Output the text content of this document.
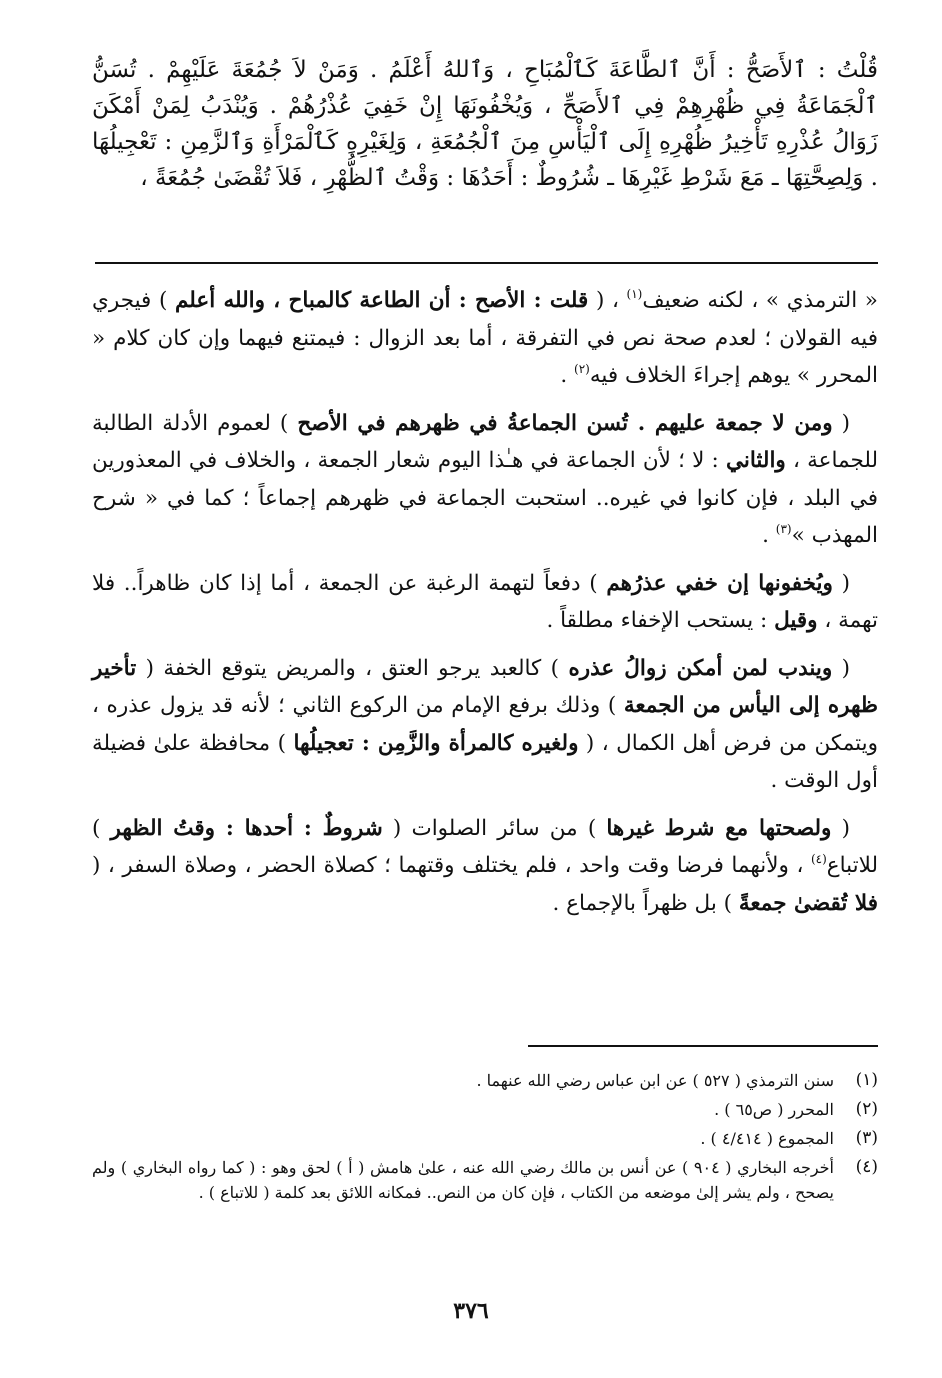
قُلْتُ : ٱلأَصَحُّ : أَنَّ ٱلطَّاعَةَ كَٱلْمُبَاحِ ، وَٱللهُ أَعْلَمُ . وَمَنْ لاَ جُمُعَةَ عَلَيْهِمْ . تُسَنُّ ٱلْجَمَاعَةُ فِي ظُهْرِهِمْ فِي ٱلأَصَحِّ ، وَيُخْفُونَهَا إِنْ خَفِيَ عُذْرُهُمْ . وَيُنْدَبُ لِمَنْ أَمْكَنَ زَوَالُ عُذْرِهِ تَأْخِيرُ ظُهْرِهِ إِلَى ٱلْيَأْسِ مِنَ ٱلْجُمُعَةِ ، وَلِغَيْرِهِ كَٱلْمَرْأَةِ وَٱلزَّمِنِ : تَعْجِيلُهَا . وَلِصِحَّتِهَا ـ مَعَ شَرْطِ غَيْرِهَا ـ شُرُوطٌ : أَحَدُهَا : وَقْتُ ٱلظُّهْرِ ، فَلاَ تُقْضَىٰ جُمُعَةً ،

« الترمذي » ، لكنه ضعيف$^{(١)}$ ، ( قلت : الأصح : أن الطاعة كالمباح ، والله أعلم ) فيجري فيه القولان ؛ لعدم صحة نص في التفرقة ، أما بعد الزوال : فيمتنع فيهما وإن كان كلام « المحرر » يوهم إجراءَ الخلاف فيه$^{(٢)}$ .

( ومن لا جمعة عليهم . تُسن الجماعةُ في ظهرهم في الأصح ) لعموم الأدلة الطالبة للجماعة ، والثاني : لا ؛ لأن الجماعة في هـٰذا اليوم شعار الجمعة ، والخلاف في المعذورين في البلد ، فإن كانوا في غيره.. استحبت الجماعة في ظهرهم إجماعاً ؛ كما في « شرح المهذب »$^{(٣)}$ .

( ويُخفونها إن خفي عذرُهم ) دفعاً لتهمة الرغبة عن الجمعة ، أما إذا كان ظاهراً.. فلا تهمة ، وقيل : يستحب الإخفاء مطلقاً .

( ويندب لمن أمكن زوالُ عذره ) كالعبد يرجو العتق ، والمريض يتوقع الخفة ( تأخير ظهره إلى اليأس من الجمعة ) وذلك برفع الإمام من الركوع الثاني ؛ لأنه قد يزول عذره ، ويتمكن من فرض أهل الكمال ، ( ولغيره كالمرأة والزَّمِن : تعجيلُها ) محافظة علىٰ فضيلة أول الوقت .

( ولصحتها مع شرط غيرها ) من سائر الصلوات ( شروطٌ : أحدها : وقتُ الظهر ) للاتباع$^{(٤)}$ ، ولأنهما فرضا وقت واحد ، فلم يختلف وقتهما ؛ كصلاة الحضر ، وصلاة السفر ، ( فلا تُقضىٰ جمعةً ) بل ظهراً بالإجماع .

(١)
سنن الترمذي ( ٥٢٧ ) عن ابن عباس رضي الله عنهما .
(٢)
المحرر ( ص٦٥ ) .
(٣)
المجموع ( ٤/٤١٤ ) .
(٤)
أخرجه البخاري ( ٩٠٤ ) عن أنس بن مالك رضي الله عنه ، علىٰ هامش ( أ ) لحق وهو : ( كما رواه البخاري ) ولم يصحح ، ولم يشر إلىٰ موضعه من الكتاب ، فإن كان من النص.. فمكانه اللائق بعد كلمة ( للاتباع ) .
٣٧٦
